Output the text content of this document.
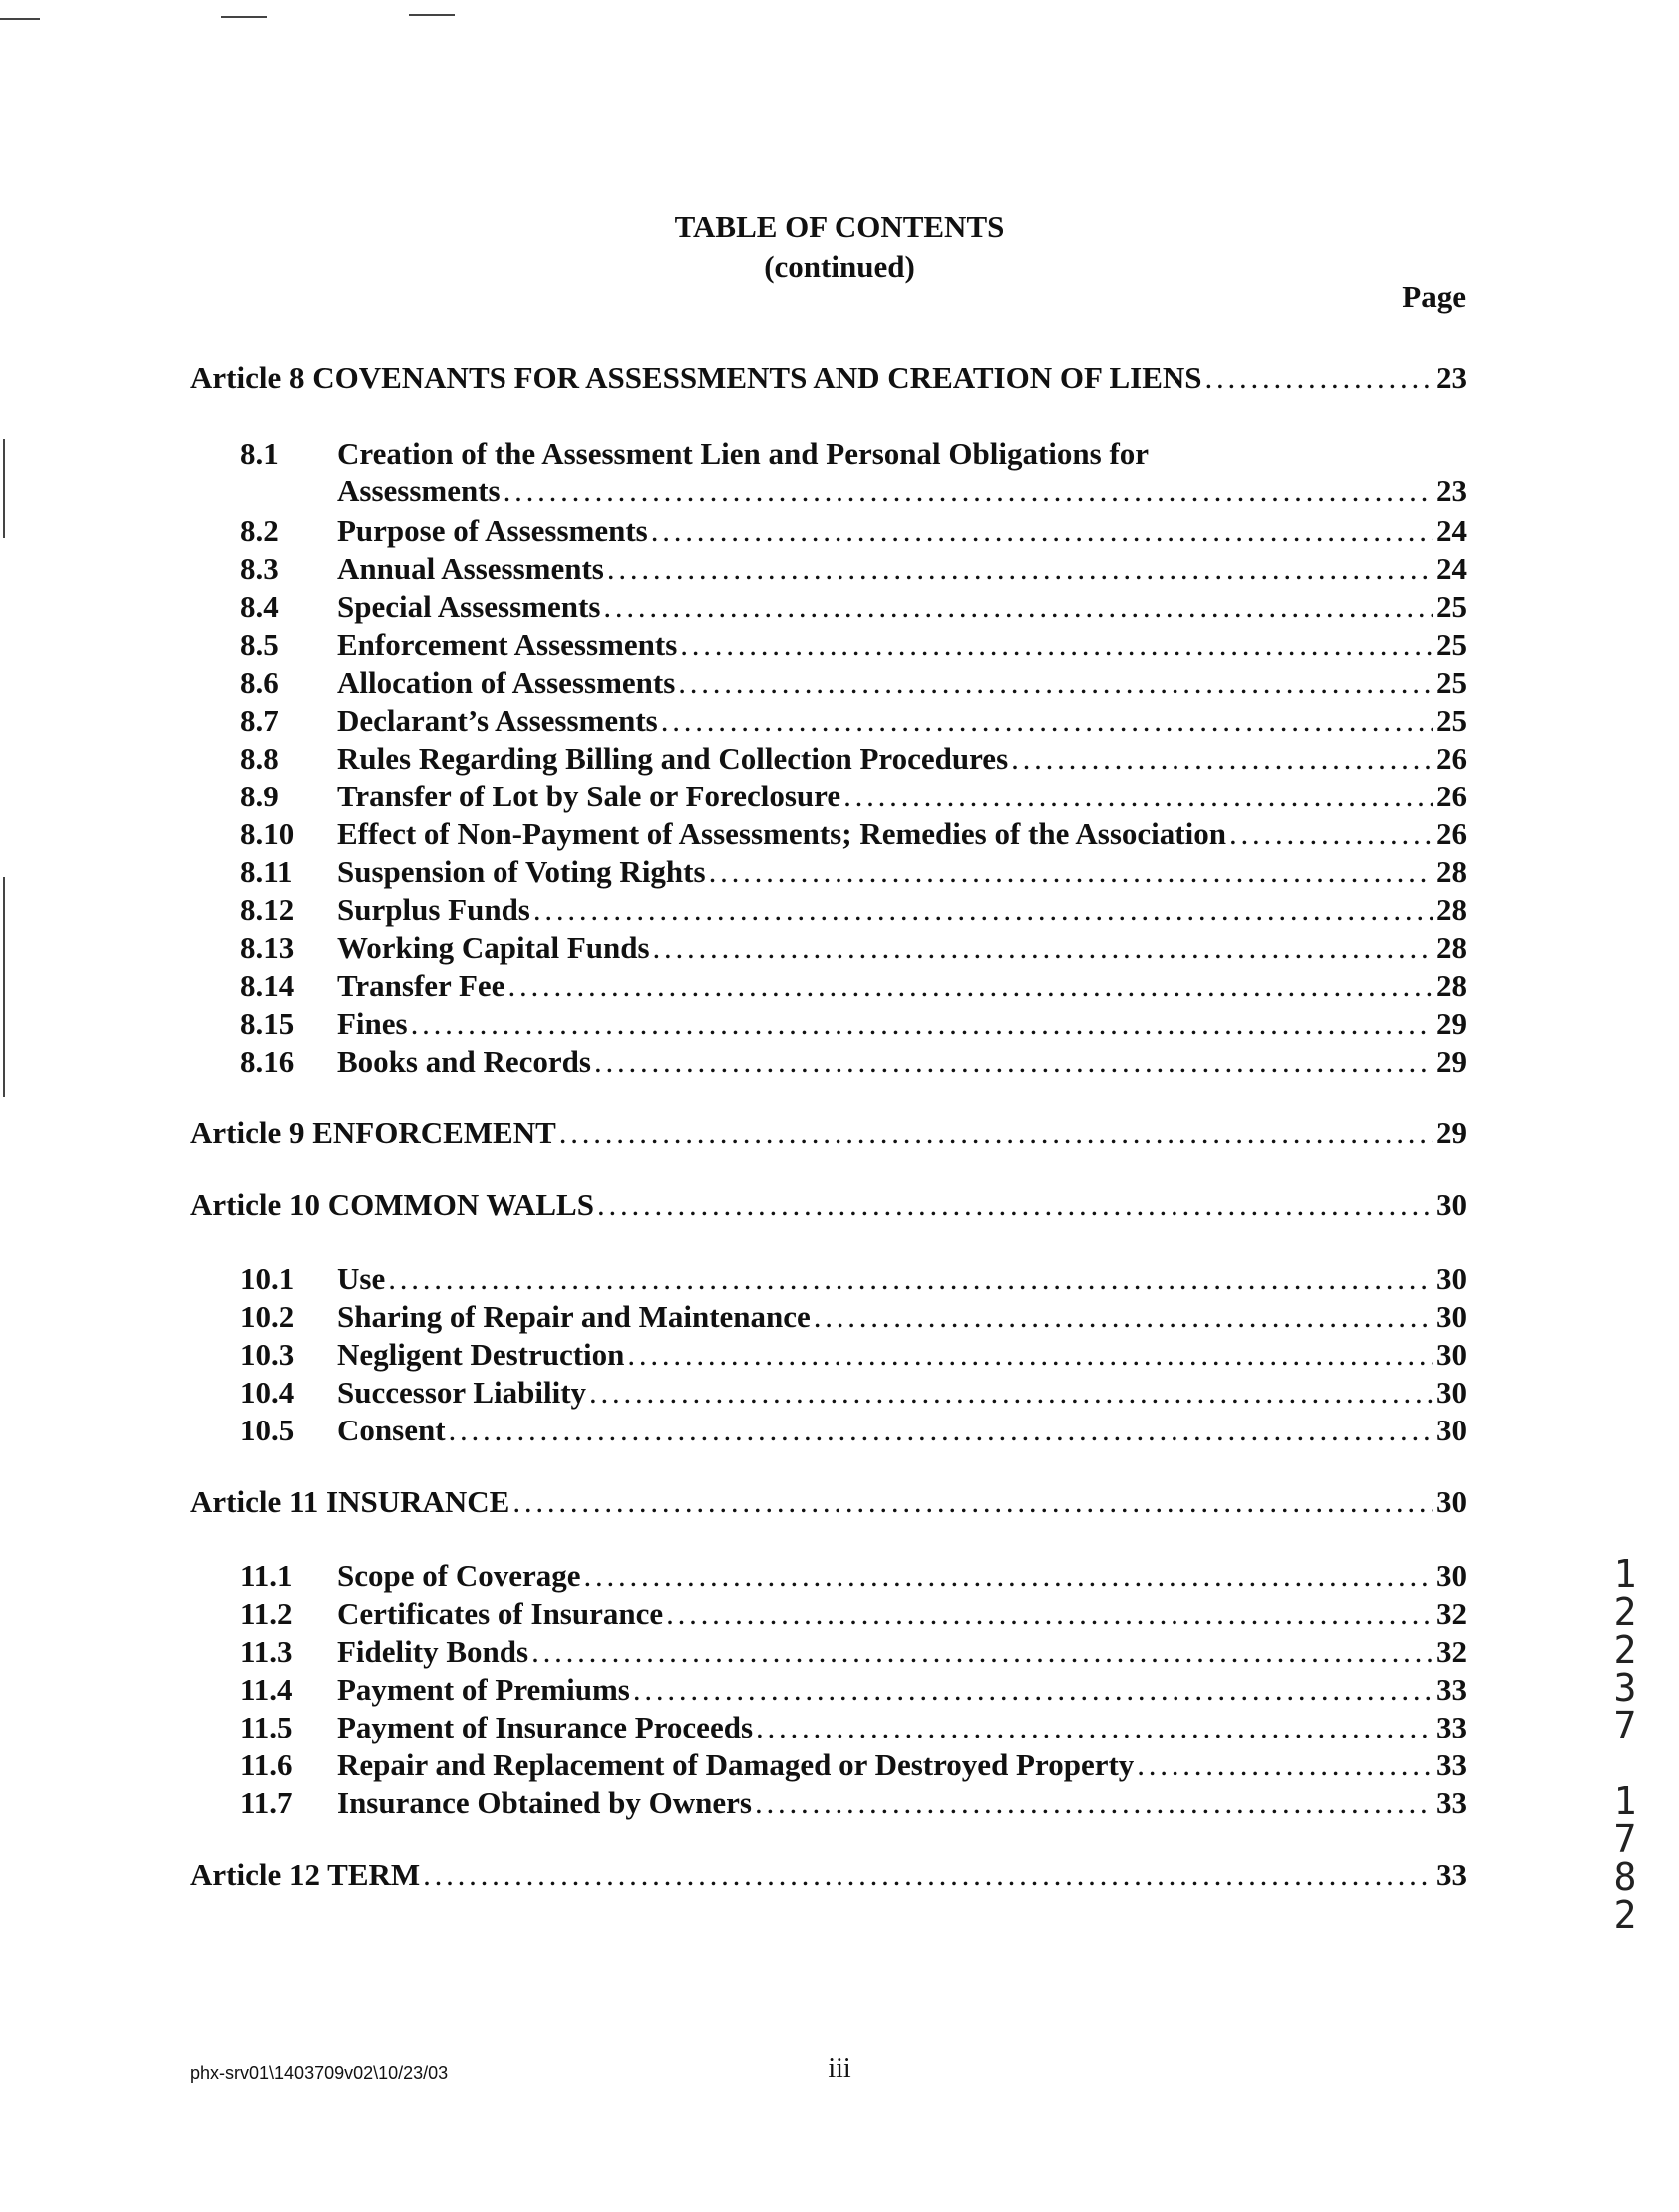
TABLE OF CONTENTS
(continued)
Page
Article 8 COVENANTS FOR ASSESSMENTS AND CREATION OF LIENS . . .	23
8.1	Creation of the Assessment Lien and Personal Obligations for
Assessments . . .	23
8.2	Purpose of Assessments . . .	24
8.3	Annual Assessments . . .	24
8.4	Special Assessments . . .	25
8.5	Enforcement Assessments . . .	25
8.6	Allocation of Assessments . . .	25
8.7	Declarant’s Assessments . . .	25
8.8	Rules Regarding Billing and Collection Procedures . . .	26
8.9	Transfer of Lot by Sale or Foreclosure . . .	26
8.10	Effect of Non-Payment of Assessments; Remedies of the Association . . .	26
8.11	Suspension of Voting Rights . . .	28
8.12	Surplus Funds . . .	28
8.13	Working Capital Funds . . .	28
8.14	Transfer Fee . . .	28
8.15	Fines . . .	29
8.16	Books and Records . . .	29
Article 9 ENFORCEMENT . . .	29
Article 10 COMMON WALLS . . .	30
10.1	Use . . .	30
10.2	Sharing of Repair and Maintenance . . .	30
10.3	Negligent Destruction . . .	30
10.4	Successor Liability . . .	30
10.5	Consent . . .	30
Article 11 INSURANCE . . .	30
11.1	Scope of Coverage . . .	30
11.2	Certificates of Insurance . . .	32
11.3	Fidelity Bonds . . .	32
11.4	Payment of Premiums . . .	33
11.5	Payment of Insurance Proceeds . . .	33
11.6	Repair and Replacement of Damaged or Destroyed Property . . .	33
11.7	Insurance Obtained by Owners . . .	33
Article 12 TERM . . .	33
1
2
2
3
7
1
7
8
2
phx-srv01\1403709v02\10/23/03	iii
